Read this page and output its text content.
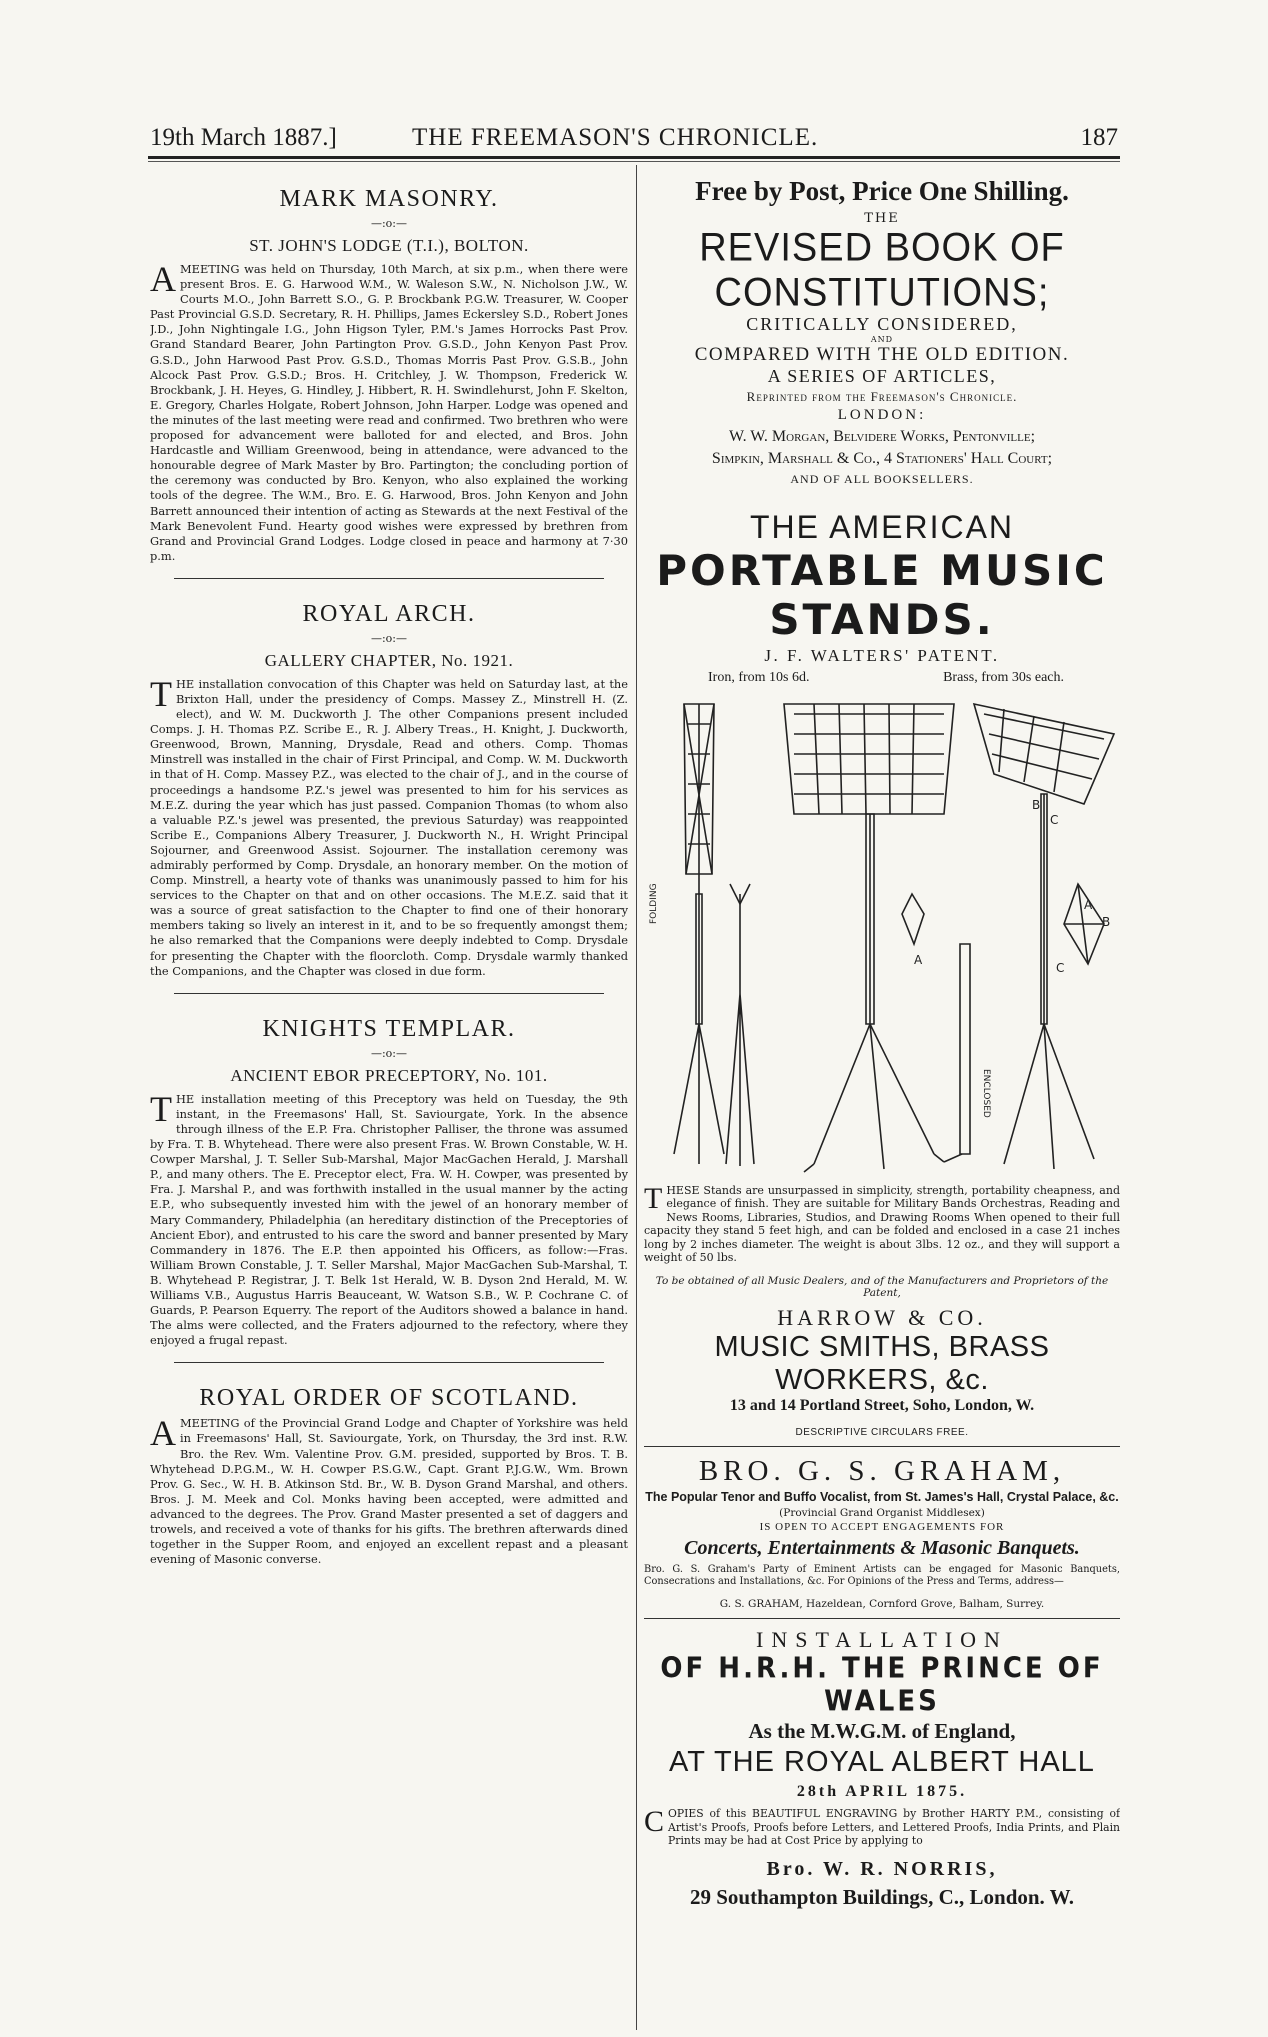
19th March 1887.]	THE FREEMASON'S CHRONICLE.	187
MARK MASONRY.
—:o:—
ST. JOHN'S LODGE (T.I.), BOLTON.

AMEETING was held on Thursday, 10th March, at six p.m., when there were present Bros. E. G. Harwood W.M., W. Waleson S.W., N. Nicholson J.W., W. Courts M.O., John Barrett S.O., G. P. Brockbank P.G.W. Treasurer, W. Cooper Past Provincial G.S.D. Secretary, R. H. Phillips, James Eckersley S.D., Robert Jones J.D., John Nightingale I.G., John Higson Tyler, P.M.'s James Horrocks Past Prov. Grand Standard Bearer, John Partington Prov. G.S.D., John Kenyon Past Prov. G.S.D., John Harwood Past Prov. G.S.D., Thomas Morris Past Prov. G.S.B., John Alcock Past Prov. G.S.D.; Bros. H. Critchley, J. W. Thompson, Frederick W. Brockbank, J. H. Heyes, G. Hindley, J. Hibbert, R. H. Swindlehurst, John F. Skelton, E. Gregory, Charles Holgate, Robert Johnson, John Harper. Lodge was opened and the minutes of the last meeting were read and confirmed. Two brethren who were proposed for advancement were balloted for and elected, and Bros. John Hardcastle and William Greenwood, being in attendance, were advanced to the honourable degree of Mark Master by Bro. Partington; the concluding portion of the ceremony was conducted by Bro. Kenyon, who also explained the working tools of the degree. The W.M., Bro. E. G. Harwood, Bros. John Kenyon and John Barrett announced their intention of acting as Stewards at the next Festival of the Mark Benevolent Fund. Hearty good wishes were expressed by brethren from Grand and Provincial Grand Lodges. Lodge closed in peace and harmony at 7·30 p.m.

ROYAL ARCH.
—:o:—
GALLERY CHAPTER, No. 1921.

THE installation convocation of this Chapter was held on Saturday last, at the Brixton Hall, under the presidency of Comps. Massey Z., Minstrell H. (Z. elect), and W. M. Duckworth J. The other Companions present included Comps. J. H. Thomas P.Z. Scribe E., R. J. Albery Treas., H. Knight, J. Duckworth, Greenwood, Brown, Manning, Drysdale, Read and others. Comp. Thomas Minstrell was installed in the chair of First Principal, and Comp. W. M. Duckworth in that of H. Comp. Massey P.Z., was elected to the chair of J., and in the course of proceedings a handsome P.Z.'s jewel was presented to him for his services as M.E.Z. during the year which has just passed. Companion Thomas (to whom also a valuable P.Z.'s jewel was presented, the previous Saturday) was reappointed Scribe E., Companions Albery Treasurer, J. Duckworth N., H. Wright Principal Sojourner, and Greenwood Assist. Sojourner. The installation ceremony was admirably performed by Comp. Drysdale, an honorary member. On the motion of Comp. Minstrell, a hearty vote of thanks was unanimously passed to him for his services to the Chapter on that and on other occasions. The M.E.Z. said that it was a source of great satisfaction to the Chapter to find one of their honorary members taking so lively an interest in it, and to be so frequently amongst them; he also remarked that the Companions were deeply indebted to Comp. Drysdale for presenting the Chapter with the floorcloth. Comp. Drysdale warmly thanked the Companions, and the Chapter was closed in due form.

KNIGHTS TEMPLAR.
—:o:—
ANCIENT EBOR PRECEPTORY, No. 101.

THE installation meeting of this Preceptory was held on Tuesday, the 9th instant, in the Freemasons' Hall, St. Saviourgate, York. In the absence through illness of the E.P. Fra. Christopher Palliser, the throne was assumed by Fra. T. B. Whytehead. There were also present Fras. W. Brown Constable, W. H. Cowper Marshal, J. T. Seller Sub-Marshal, Major MacGachen Herald, J. Marshall P., and many others. The E. Preceptor elect, Fra. W. H. Cowper, was presented by Fra. J. Marshal P., and was forthwith installed in the usual manner by the acting E.P., who subsequently invested him with the jewel of an honorary member of Mary Commandery, Philadelphia (an hereditary distinction of the Preceptories of Ancient Ebor), and entrusted to his care the sword and banner presented by Mary Commandery in 1876. The E.P. then appointed his Officers, as follow:—Fras. William Brown Constable, J. T. Seller Marshal, Major MacGachen Sub-Marshal, T. B. Whytehead P. Registrar, J. T. Belk 1st Herald, W. B. Dyson 2nd Herald, M. W. Williams V.B., Augustus Harris Beauceant, W. Watson S.B., W. P. Cochrane C. of Guards, P. Pearson Equerry. The report of the Auditors showed a balance in hand. The alms were collected, and the Fraters adjourned to the refectory, where they enjoyed a frugal repast.

ROYAL ORDER OF SCOTLAND.

AMEETING of the Provincial Grand Lodge and Chapter of Yorkshire was held in Freemasons' Hall, St. Saviourgate, York, on Thursday, the 3rd inst. R.W. Bro. the Rev. Wm. Valentine Prov. G.M. presided, supported by Bros. T. B. Whytehead D.P.G.M., W. H. Cowper P.S.G.W., Capt. Grant P.J.G.W., Wm. Brown Prov. G. Sec., W. H. B. Atkinson Std. Br., W. B. Dyson Grand Marshal, and others. Bros. J. M. Meek and Col. Monks having been accepted, were admitted and advanced to the degrees. The Prov. Grand Master presented a set of daggers and trowels, and received a vote of thanks for his gifts. The brethren afterwards dined together in the Supper Room, and enjoyed an excellent repast and a pleasant evening of Masonic converse.

Free by Post, Price One Shilling.
THE
REVISED BOOK OF CONSTITUTIONS;
CRITICALLY CONSIDERED,
AND
COMPARED WITH THE OLD EDITION.
A SERIES OF ARTICLES,
Reprinted from the Freemason's Chronicle.
LONDON:
W. W. Morgan, Belvidere Works, Pentonville;
Simpkin, Marshall & Co., 4 Stationers' Hall Court;
AND OF ALL BOOKSELLERS.
THE AMERICAN
PORTABLE MUSIC STANDS.
J. F. WALTERS' PATENT.
Iron, from 10s 6d.	Brass, from 30s each.
FOLDING
ENCLOSED
A
B
C
B
C
A

THESE Stands are unsurpassed in simplicity, strength, portability cheapness, and elegance of finish. They are suitable for Military Bands Orchestras, Reading and News Rooms, Libraries, Studios, and Drawing Rooms When opened to their full capacity they stand 5 feet high, and can be folded and enclosed in a case 21 inches long by 2 inches diameter. The weight is about 3lbs. 12 oz., and they will support a weight of 50 lbs.

To be obtained of all Music Dealers, and of the Manufacturers and Proprietors of the Patent,
HARROW & CO.
MUSIC SMITHS, BRASS WORKERS, &c.
13 and 14 Portland Street, Soho, London, W.
DESCRIPTIVE CIRCULARS FREE.
BRO. G. S. GRAHAM,
The Popular Tenor and Buffo Vocalist, from St. James's Hall, Crystal Palace, &c.
(Provincial Grand Organist Middlesex)
IS OPEN TO ACCEPT ENGAGEMENTS FOR
Concerts, Entertainments & Masonic Banquets.

Bro. G. S. Graham's Party of Eminent Artists can be engaged for Masonic Banquets, Consecrations and Installations, &c. For Opinions of the Press and Terms, address—

G. S. GRAHAM, Hazeldean, Cornford Grove, Balham, Surrey.
INSTALLATION
OF H.R.H. THE PRINCE OF WALES
As the M.W.G.M. of England,
AT THE ROYAL ALBERT HALL
28th APRIL 1875.

COPIES of this BEAUTIFUL ENGRAVING by Brother HARTY P.M., consisting of Artist's Proofs, Proofs before Letters, and Lettered Proofs, India Prints, and Plain Prints may be had at Cost Price by applying to

Bro. W. R. NORRIS,
29 Southampton Buildings, C., London. W.
